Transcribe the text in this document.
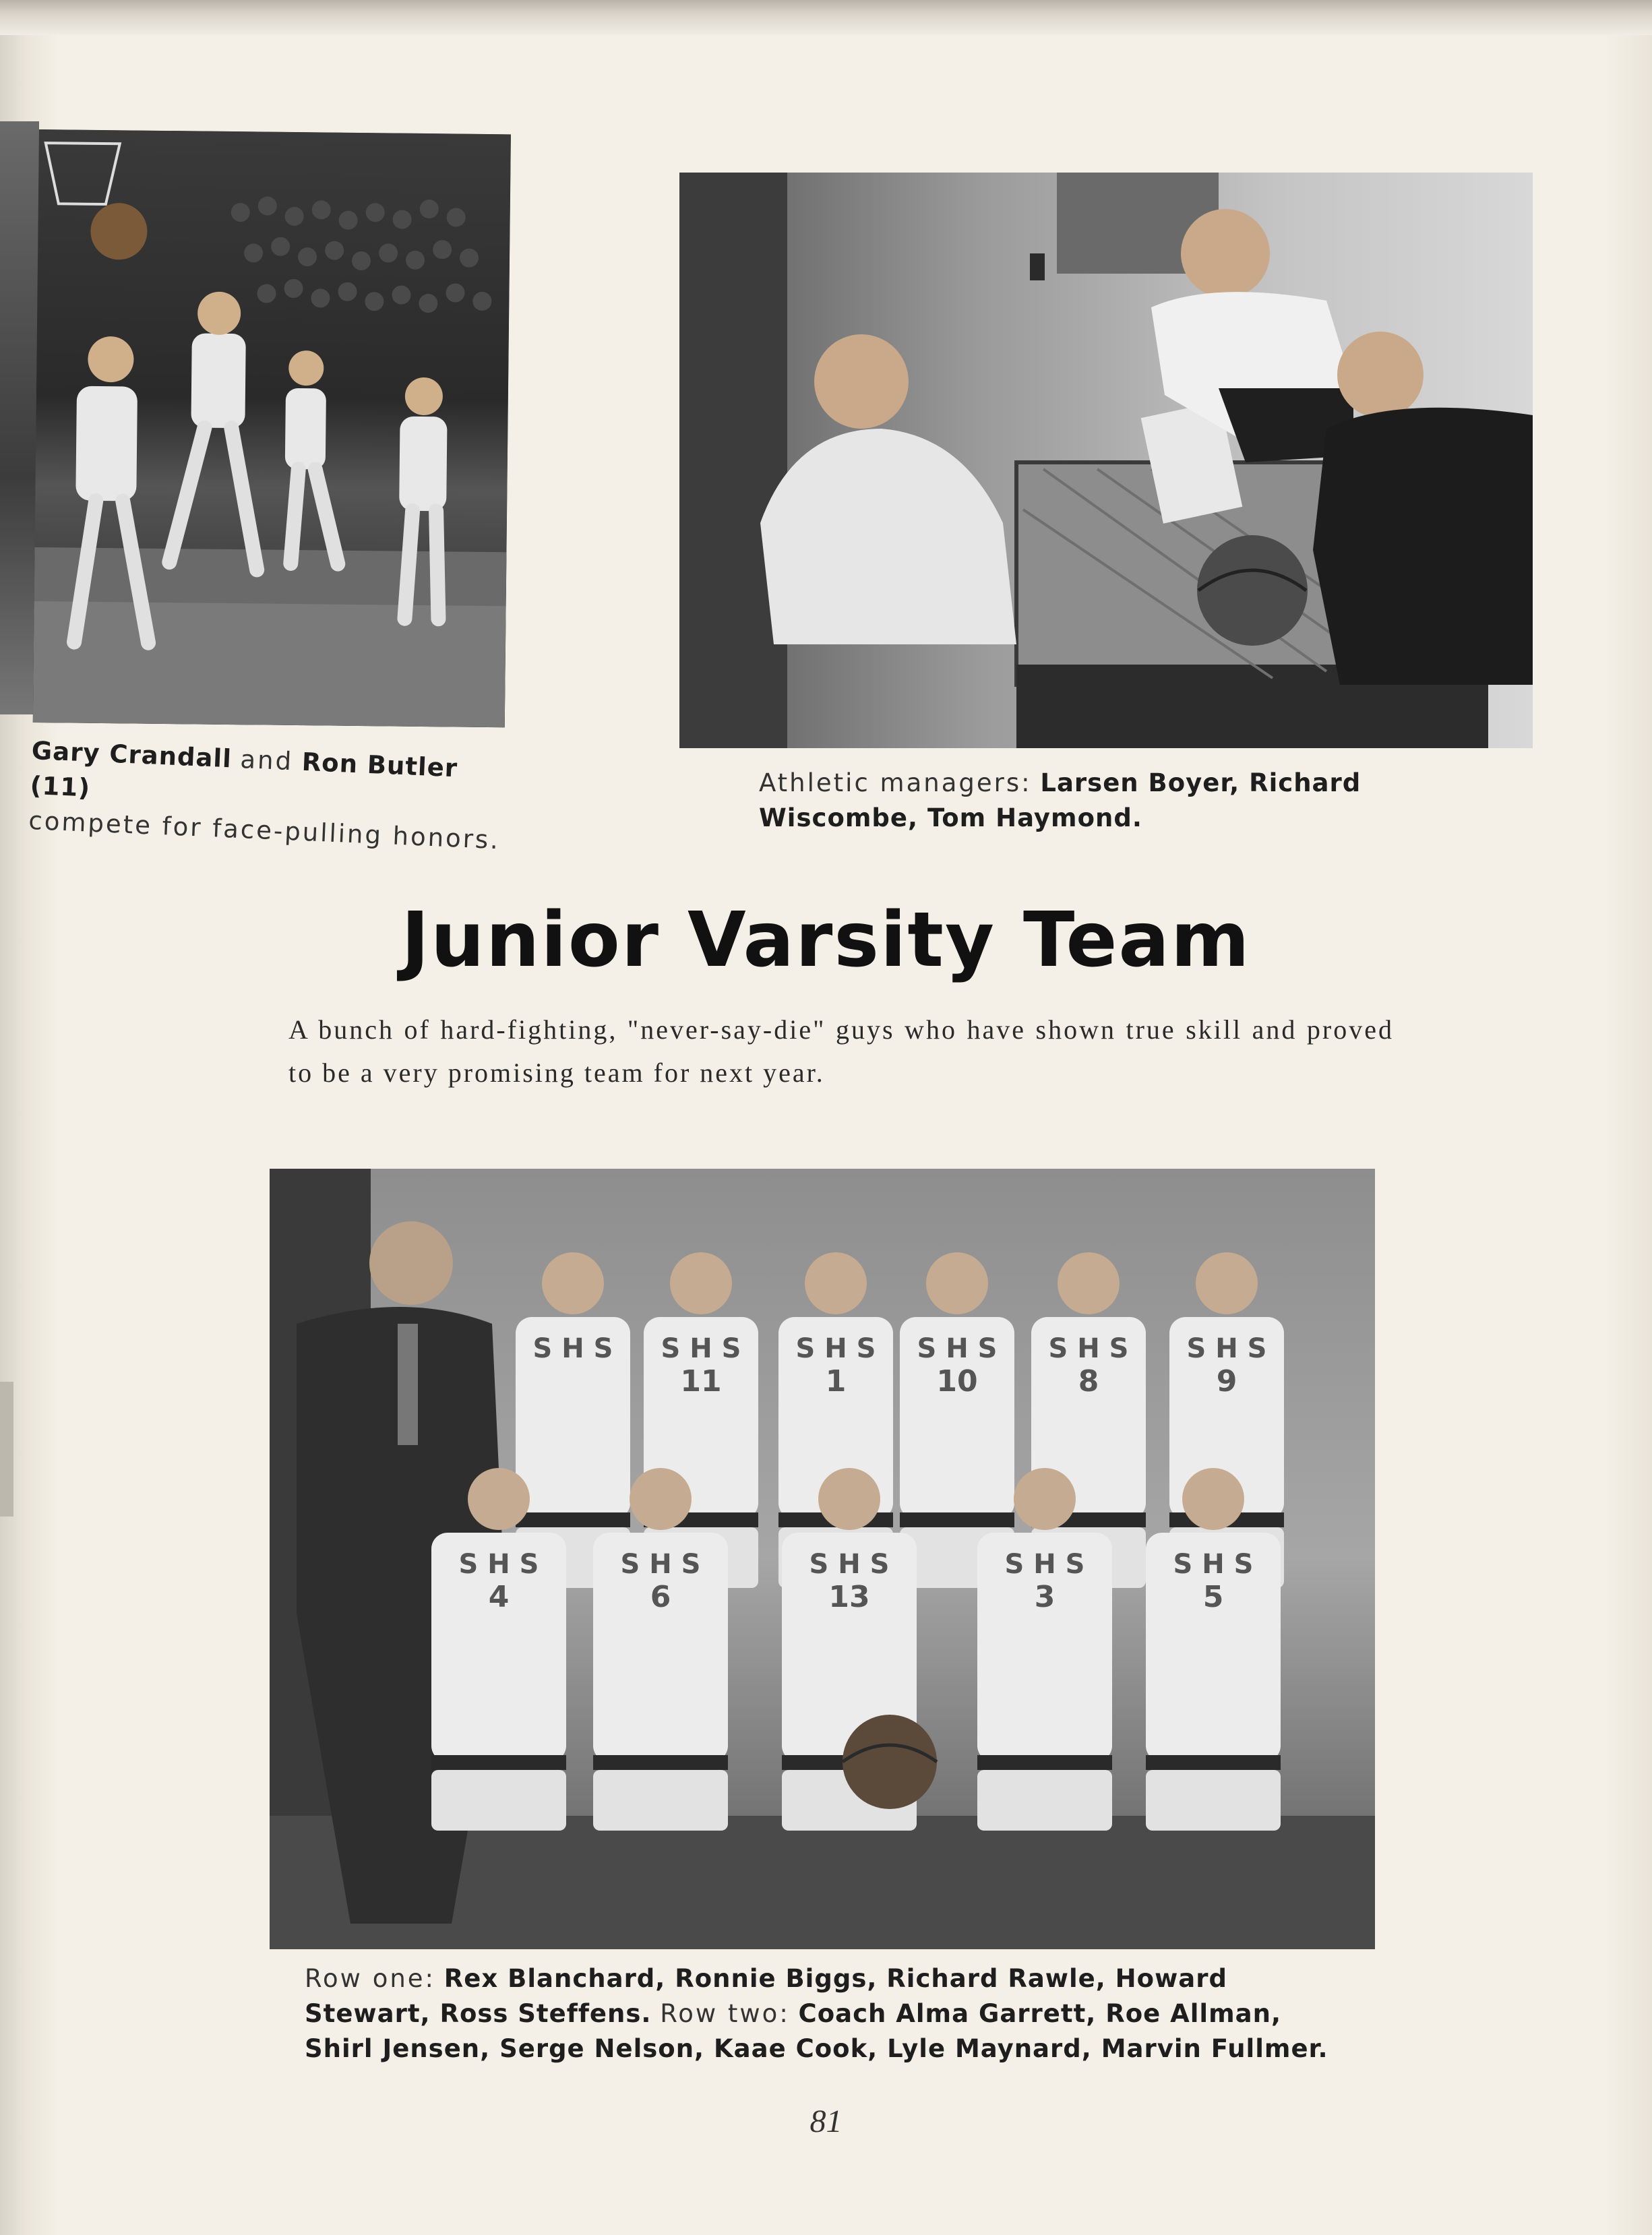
Gary Crandall and Ron Butler (11)
compete for face-pulling honors.
Athletic managers: Larsen Boyer, Richard Wiscombe, Tom Haymond.
Junior Varsity Team
A bunch of hard-fighting, "never-say-die" guys who have shown true skill and proved to be a very promising team for next year.
S H S S H S
11
S H S
1
S H S
10
S H S
8
S H S
9
S H S
4
S H S
6
S H S
13
S H S
3
S H S
5
Row one: Rex Blanchard, Ronnie Biggs, Richard Rawle, Howard Stewart, Ross Steffens. Row two: Coach Alma Garrett, Roe Allman, Shirl Jensen, Serge Nelson, Kaae Cook, Lyle Maynard, Marvin Fullmer.
81
